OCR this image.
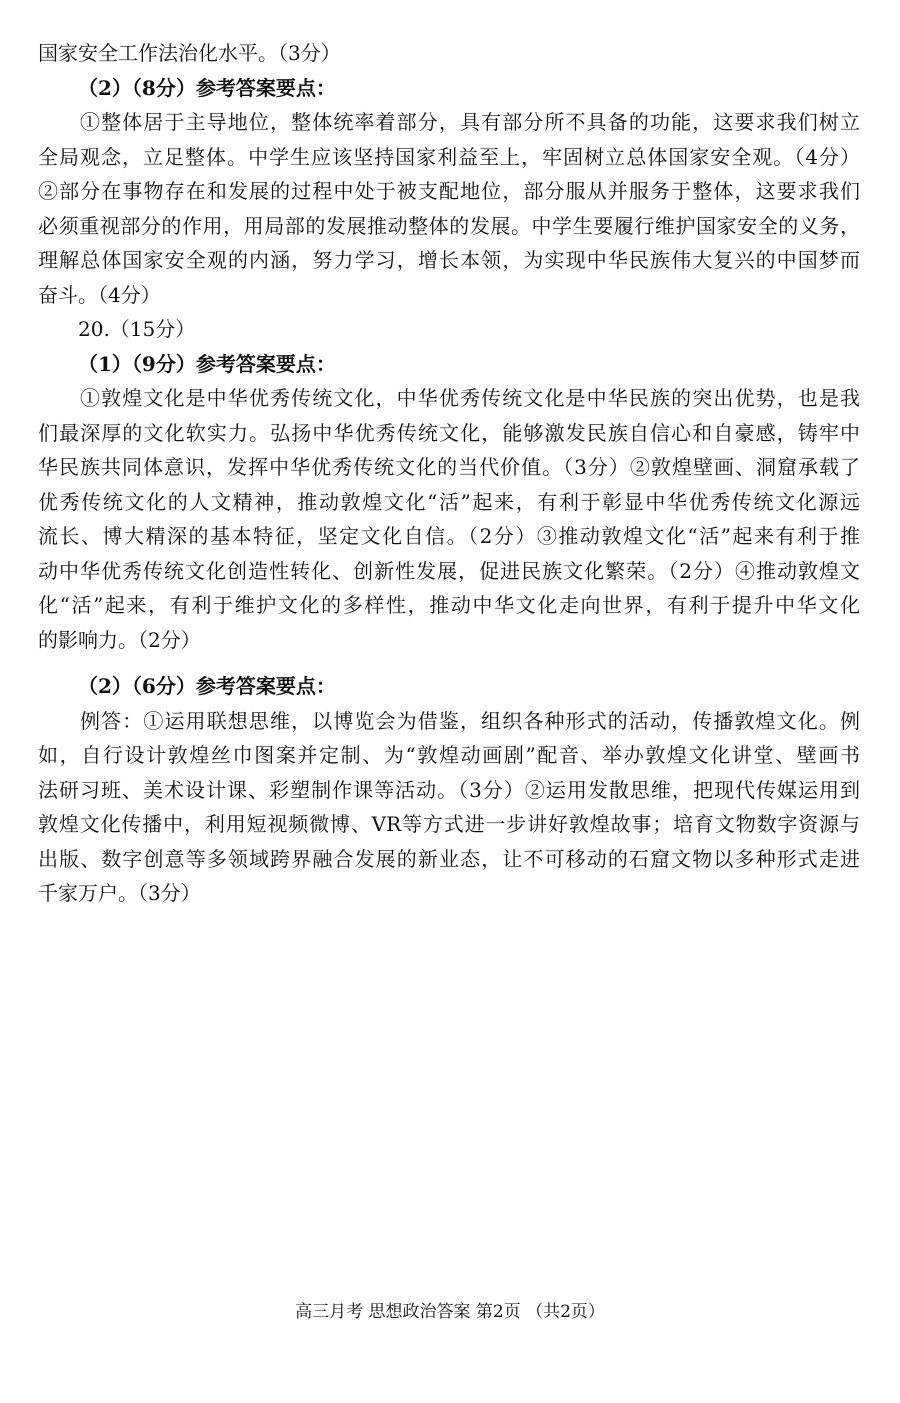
国家安全工作法治化水平。（3分）

（2）（8分）参考答案要点：

①整体居于主导地位，整体统率着部分，具有部分所不具备的功能，这要求我们树立

全局观念，立足整体。中学生应该坚持国家利益至上，牢固树立总体国家安全观。（4分）

②部分在事物存在和发展的过程中处于被支配地位，部分服从并服务于整体，这要求我们

必须重视部分的作用，用局部的发展推动整体的发展。中学生要履行维护国家安全的义务，

理解总体国家安全观的内涵，努力学习，增长本领，为实现中华民族伟大复兴的中国梦而

奋斗。（4分）

20.（15分）

（1）（9分）参考答案要点：

①敦煌文化是中华优秀传统文化，中华优秀传统文化是中华民族的突出优势，也是我

们最深厚的文化软实力。弘扬中华优秀传统文化，能够激发民族自信心和自豪感，铸牢中

华民族共同体意识，发挥中华优秀传统文化的当代价值。（3分）②敦煌壁画、洞窟承载了

优秀传统文化的人文精神，推动敦煌文化“活”起来，有利于彰显中华优秀传统文化源远

流长、博大精深的基本特征，坚定文化自信。（2分）③推动敦煌文化“活”起来有利于推

动中华优秀传统文化创造性转化、创新性发展，促进民族文化繁荣。（2分）④推动敦煌文

化“活”起来，有利于维护文化的多样性，推动中华文化走向世界，有利于提升中华文化

的影响力。（2分）

（2）（6分）参考答案要点：

例答：①运用联想思维，以博览会为借鉴，组织各种形式的活动，传播敦煌文化。例

如，自行设计敦煌丝巾图案并定制、为“敦煌动画剧”配音、举办敦煌文化讲堂、壁画书

法研习班、美术设计课、彩塑制作课等活动。（3分）②运用发散思维，把现代传媒运用到

敦煌文化传播中，利用短视频微博、VR等方式进一步讲好敦煌故事；培育文物数字资源与

出版、数字创意等多领域跨界融合发展的新业态，让不可移动的石窟文物以多种形式走进

千家万户。（3分）

高三月考 思想政治答案 第2页 （共2页）
